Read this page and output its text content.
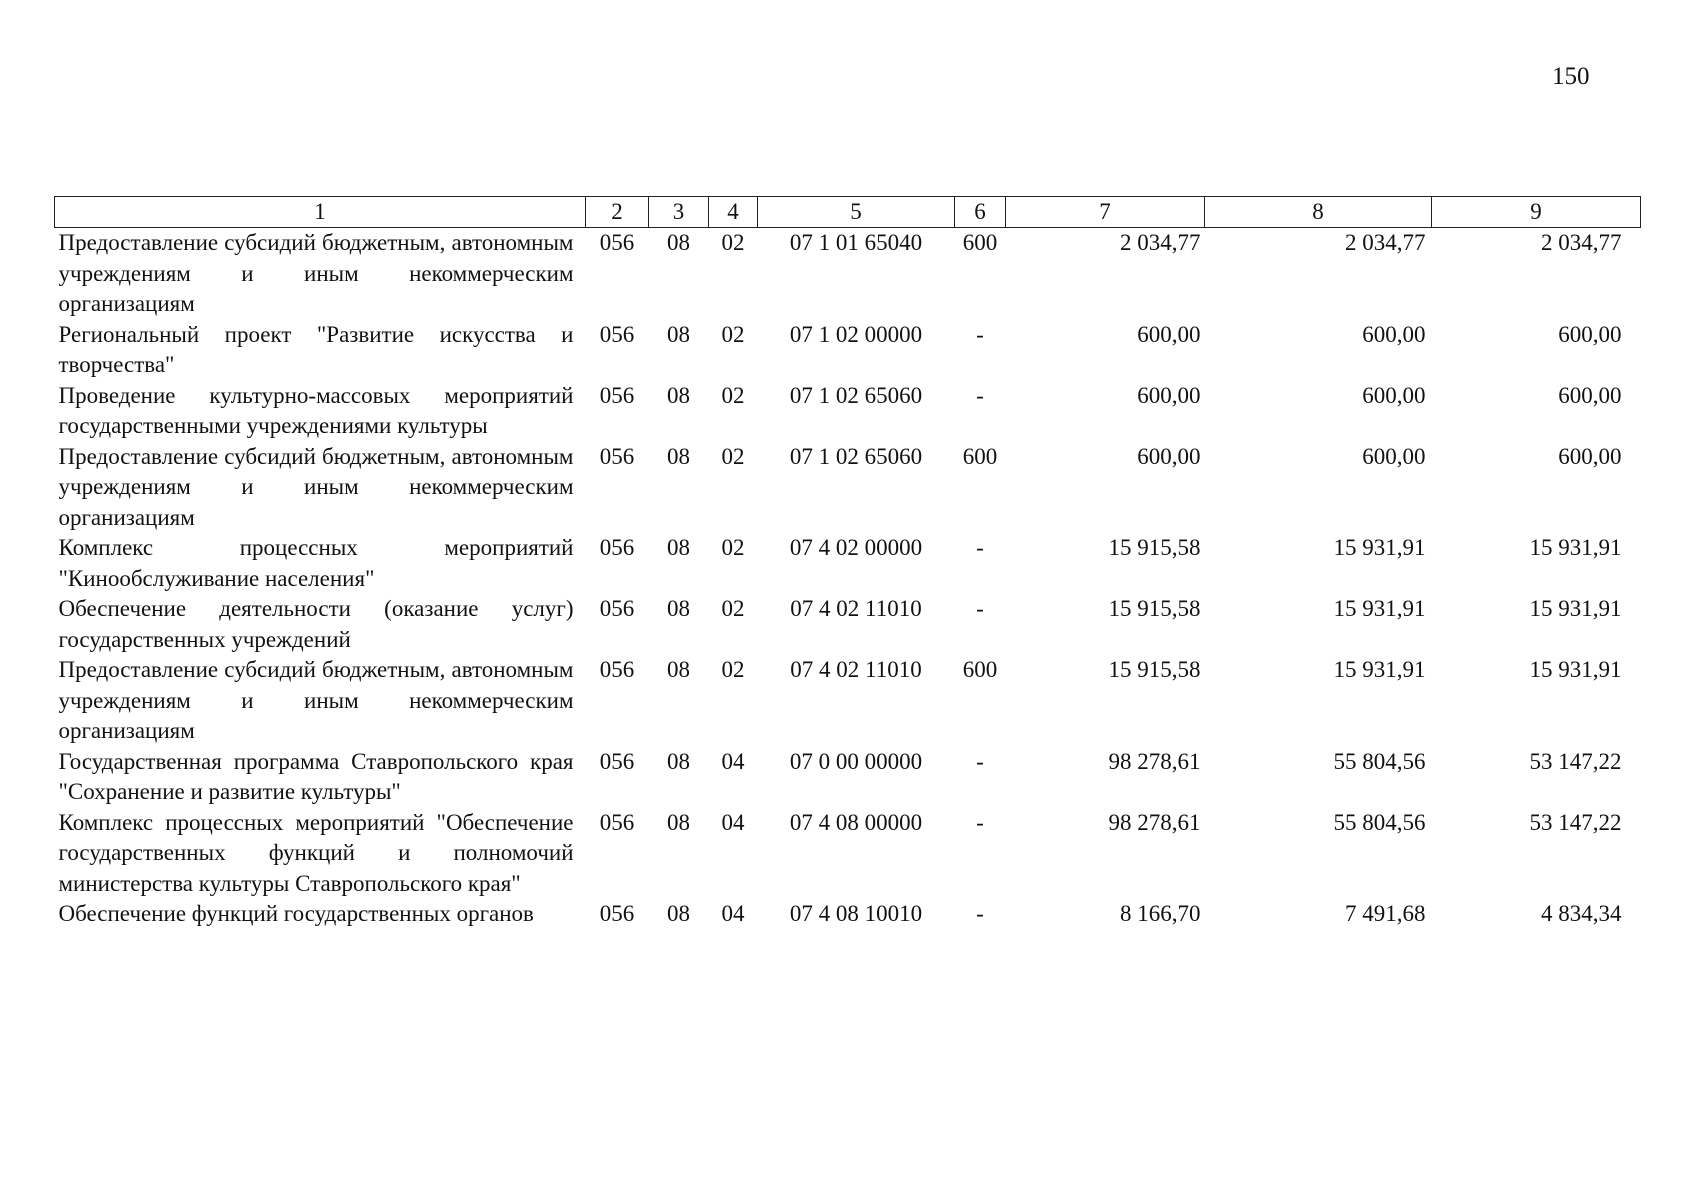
150
1	2	3	4	5	6	7	8	9
Предоставление субсидий бюджетным, автономным учреждениям и иным некоммерческим организациям	056	08	02	07 1 01 65040	600	2 034,77	2 034,77	2 034,77
Региональный проект "Развитие искусства и творчества"	056	08	02	07 1 02 00000	-	600,00	600,00	600,00
Проведение культурно-массовых мероприятий государственными учреждениями культуры	056	08	02	07 1 02 65060	-	600,00	600,00	600,00
Предоставление субсидий бюджетным, автономным учреждениям и иным некоммерческим организациям	056	08	02	07 1 02 65060	600	600,00	600,00	600,00
Комплекс процессных мероприятий "Кинообслуживание населения"	056	08	02	07 4 02 00000	-	15 915,58	15 931,91	15 931,91
Обеспечение деятельности (оказание услуг) государственных учреждений	056	08	02	07 4 02 11010	-	15 915,58	15 931,91	15 931,91
Предоставление субсидий бюджетным, автономным учреждениям и иным некоммерческим организациям	056	08	02	07 4 02 11010	600	15 915,58	15 931,91	15 931,91
Государственная программа Ставропольского края "Сохранение и развитие культуры"	056	08	04	07 0 00 00000	-	98 278,61	55 804,56	53 147,22
Комплекс процессных мероприятий "Обеспечение государственных функций и полномочий министерства культуры Ставропольского края"	056	08	04	07 4 08 00000	-	98 278,61	55 804,56	53 147,22
Обеспечение функций государственных органов	056	08	04	07 4 08 10010	-	8 166,70	7 491,68	4 834,34
